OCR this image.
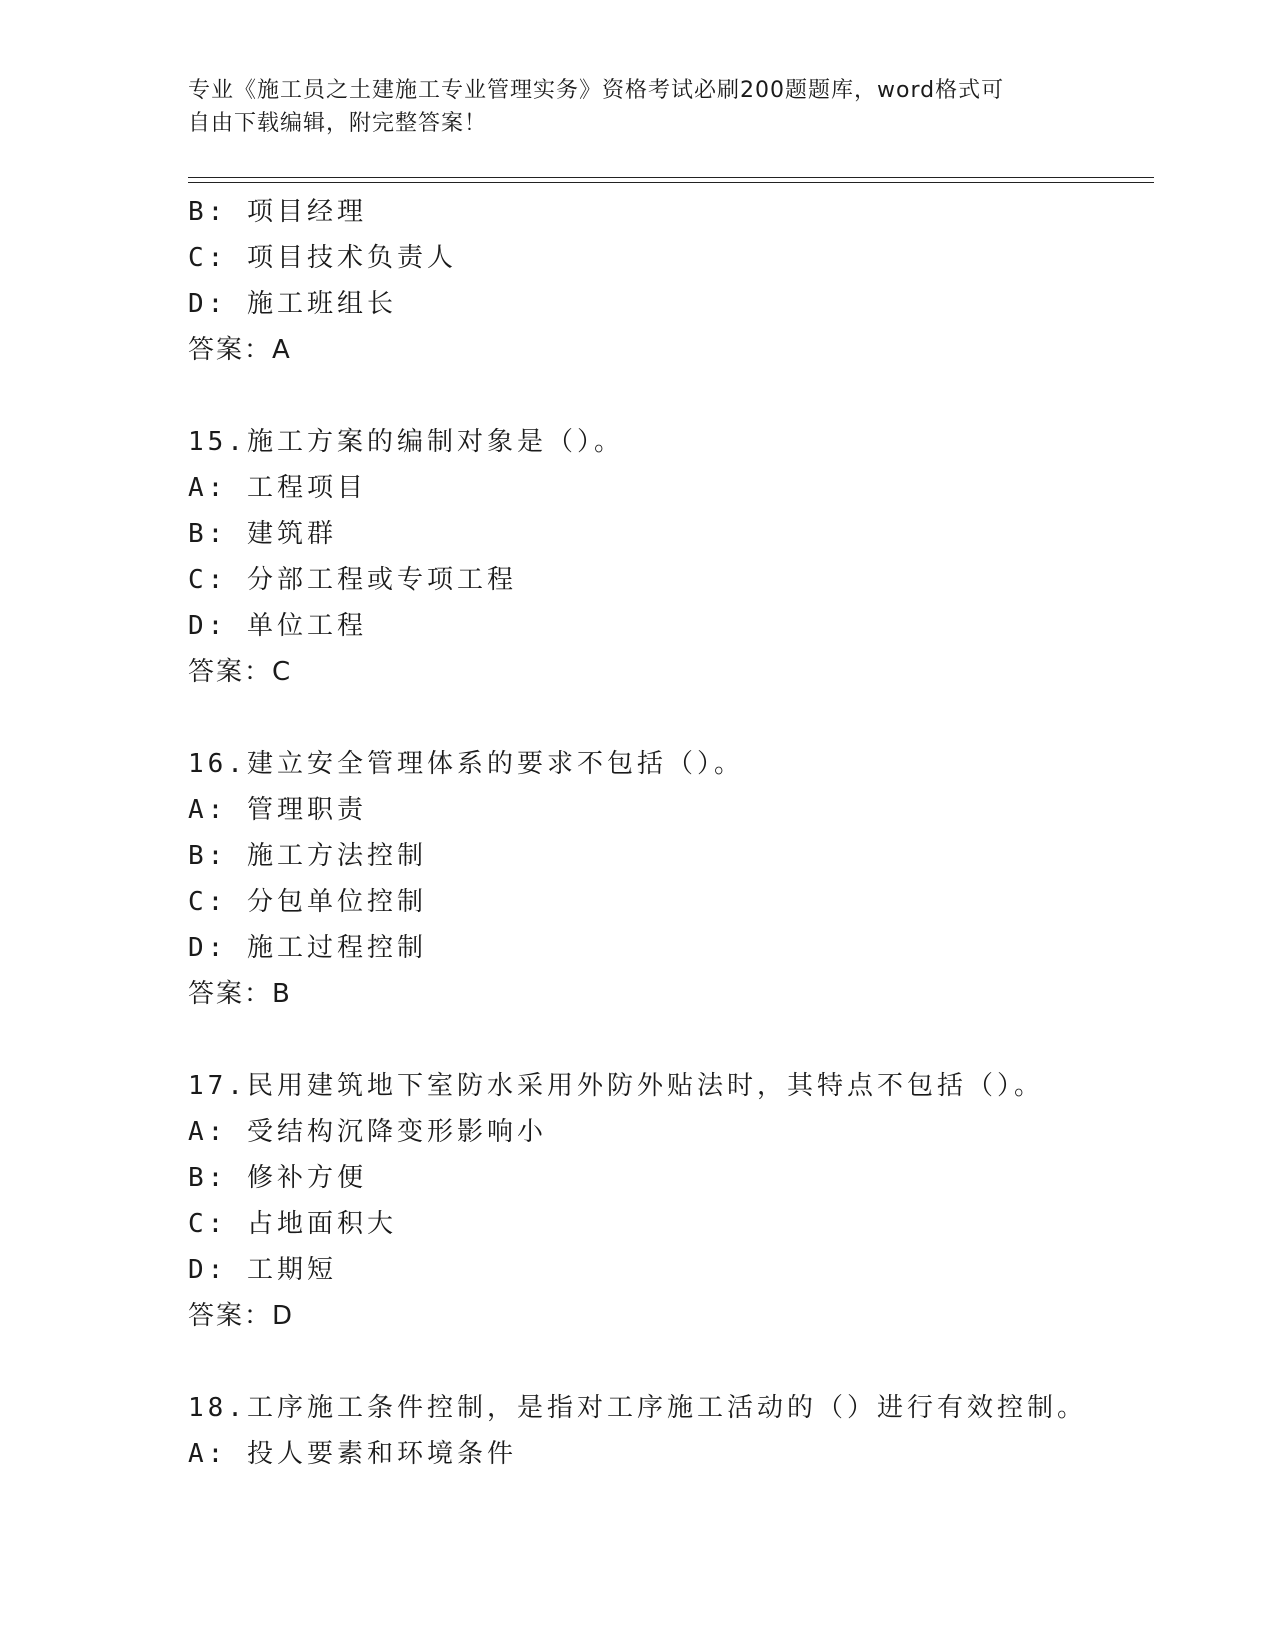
专业《施工员之土建施工专业管理实务》资格考试必刷200题题库，word格式可

自由下载编辑，附完整答案！

B: 项目经理
C: 项目技术负责人
D: 施工班组长
答案：A
15.施工方案的编制对象是（）。
A: 工程项目
B: 建筑群
C: 分部工程或专项工程
D: 单位工程
答案：C
16.建立安全管理体系的要求不包括（）。
A: 管理职责
B: 施工方法控制
C: 分包单位控制
D: 施工过程控制
答案：B
17.民用建筑地下室防水采用外防外贴法时，其特点不包括（）。
A: 受结构沉降变形影响小
B: 修补方便
C: 占地面积大
D: 工期短
答案：D
18.工序施工条件控制，是指对工序施工活动的（）进行有效控制。
A: 投人要素和环境条件
